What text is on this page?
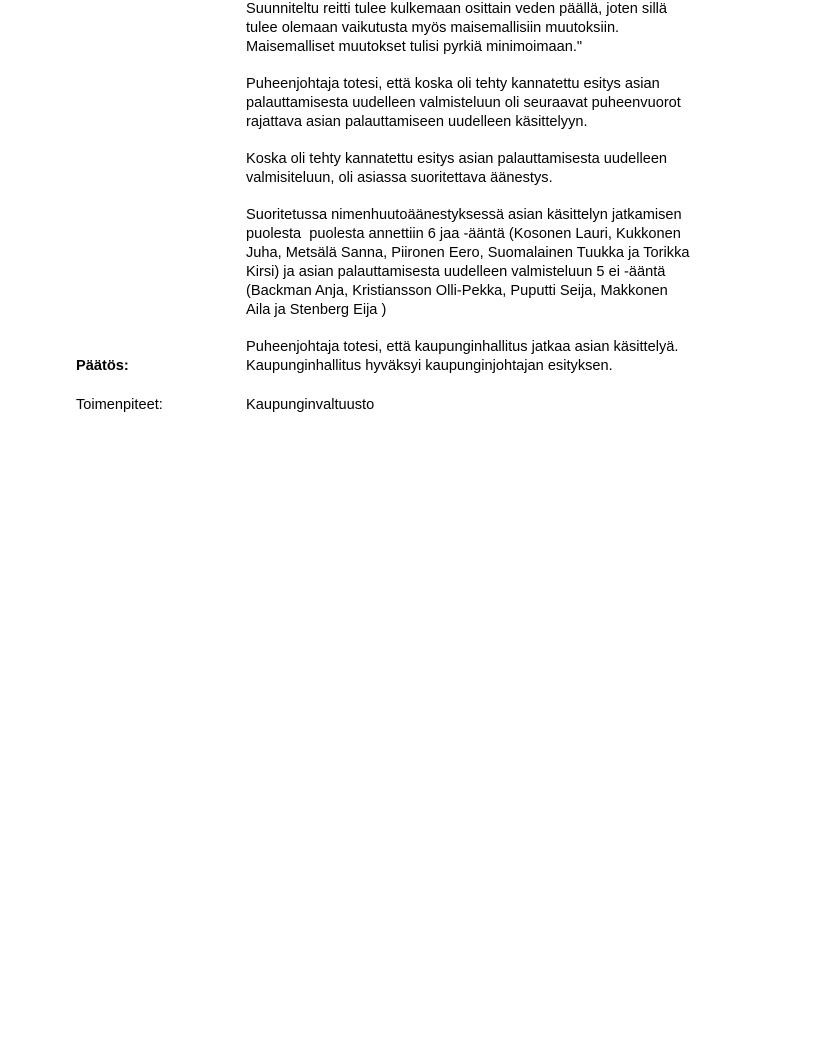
Suunniteltu reitti tulee kulkemaan osittain veden päällä, joten sillä
tulee olemaan vaikutusta myös maisemallisiin muutoksiin.
Maisemalliset muutokset tulisi pyrkiä minimoimaan."
Puheenjohtaja totesi, että koska oli tehty kannatettu esitys asian
palauttamisesta uudelleen valmisteluun oli seuraavat puheenvuorot
rajattava asian palauttamiseen uudelleen käsittelyyn.
Koska oli tehty kannatettu esitys asian palauttamisesta uudelleen
valmisiteluun, oli asiassa suoritettava äänestys.
Suoritetussa nimenhuutoäänestyksessä asian käsittelyn jatkamisen
puolesta  puolesta annettiin 6 jaa -ääntä (Kosonen Lauri, Kukkonen
Juha, Metsälä Sanna, Piironen Eero, Suomalainen Tuukka ja Torikka
Kirsi) ja asian palauttamisesta uudelleen valmisteluun 5 ei -ääntä
(Backman Anja, Kristiansson Olli-Pekka, Puputti Seija, Makkonen
Aila ja Stenberg Eija )
Puheenjohtaja totesi, että kaupunginhallitus jatkaa asian käsittelyä.
Kaupunginhallitus hyväksyi kaupunginjohtajan esityksen.
Päätös:
Toimenpiteet:	Kaupunginvaltuusto
